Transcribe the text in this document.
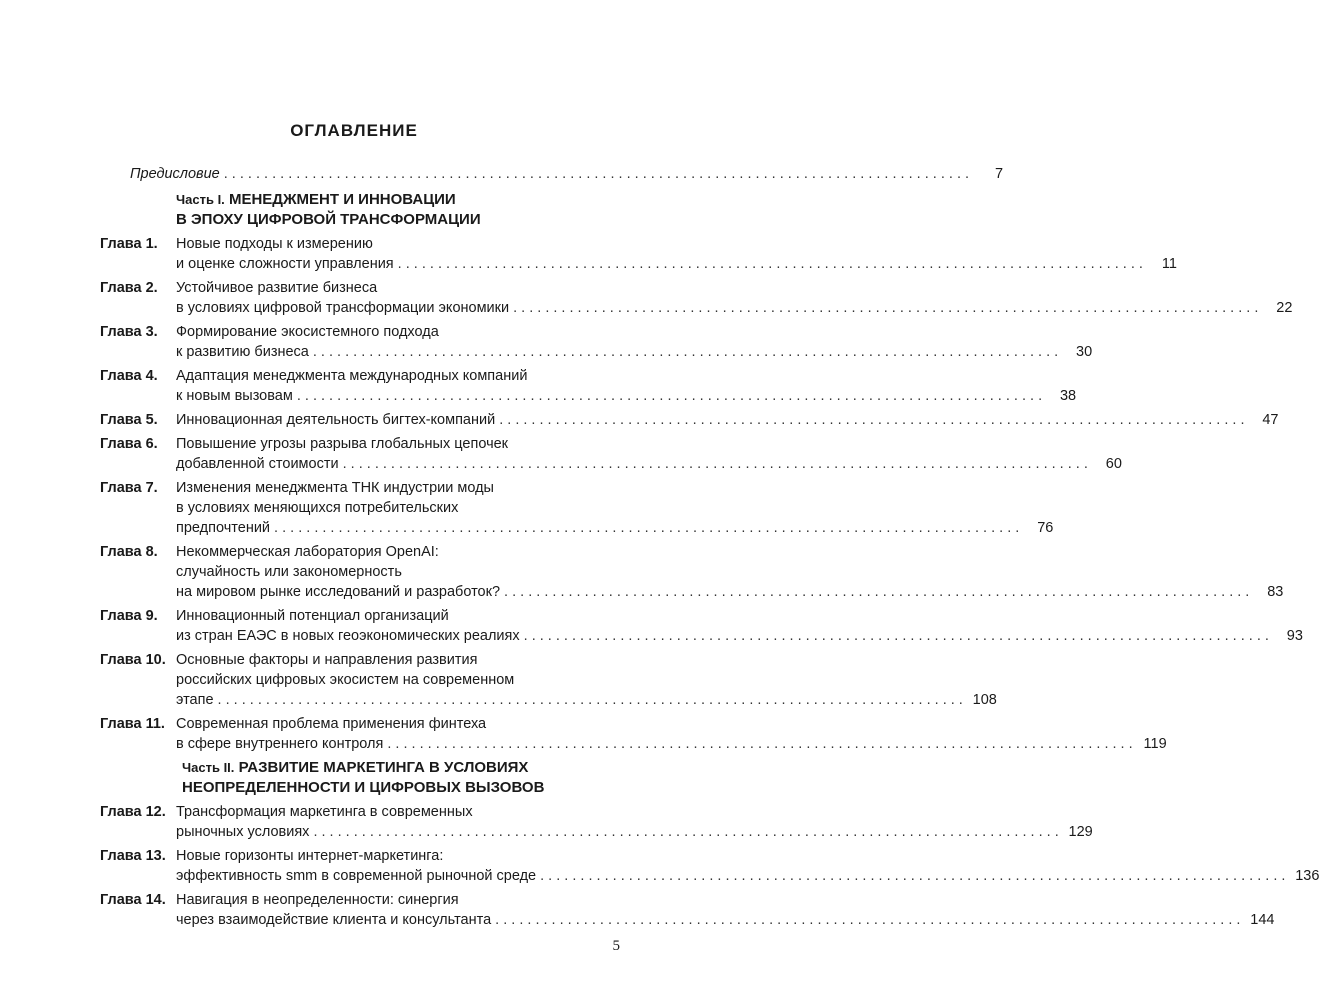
ОГЛАВЛЕНИЕ
Предисловие . . .	7
Часть I. МЕНЕДЖМЕНТ И ИННОВАЦИИ
В ЭПОХУ ЦИФРОВОЙ ТРАНСФОРМАЦИИ
Глава 1.	Новые подходы к измерению
и оценке сложности управления . . .	11
Глава 2.	Устойчивое развитие бизнеса
в условиях цифровой трансформации экономики . . .	22
Глава 3.	Формирование экосистемного подхода
к развитию бизнеса . . .	30
Глава 4.	Адаптация менеджмента международных компаний
к новым вызовам . . .	38
Глава 5.	Инновационная деятельность бигтех-компаний . . .	47
Глава 6.	Повышение угрозы разрыва глобальных цепочек
добавленной стоимости . . .	60
Глава 7.	Изменения менеджмента ТНК индустрии моды
в условиях меняющихся потребительских
предпочтений . . .	76
Глава 8.	Некоммерческая лаборатория OpenAI:
случайность или закономерность
на мировом рынке исследований и разработок? . . .	83
Глава 9.	Инновационный потенциал организаций
из стран ЕАЭС в новых геоэкономических реалиях . . .	93
Глава 10. Основные факторы и направления развития
российских цифровых экосистем на современном
этапе . . .	108
Глава 11. Современная проблема применения финтеха
в сфере внутреннего контроля . . .	119
Часть II. РАЗВИТИЕ МАРКЕТИНГА В УСЛОВИЯХ
НЕОПРЕДЕЛЕННОСТИ И ЦИФРОВЫХ ВЫЗОВОВ
Глава 12. Трансформация маркетинга в современных
рыночных условиях . . .	129
Глава 13. Новые горизонты интернет-маркетинга:
эффективность smm в современной рыночной среде . . .	136
Глава 14. Навигация в неопределенности: синергия
через взаимодействие клиента и консультанта . . .	144
5
